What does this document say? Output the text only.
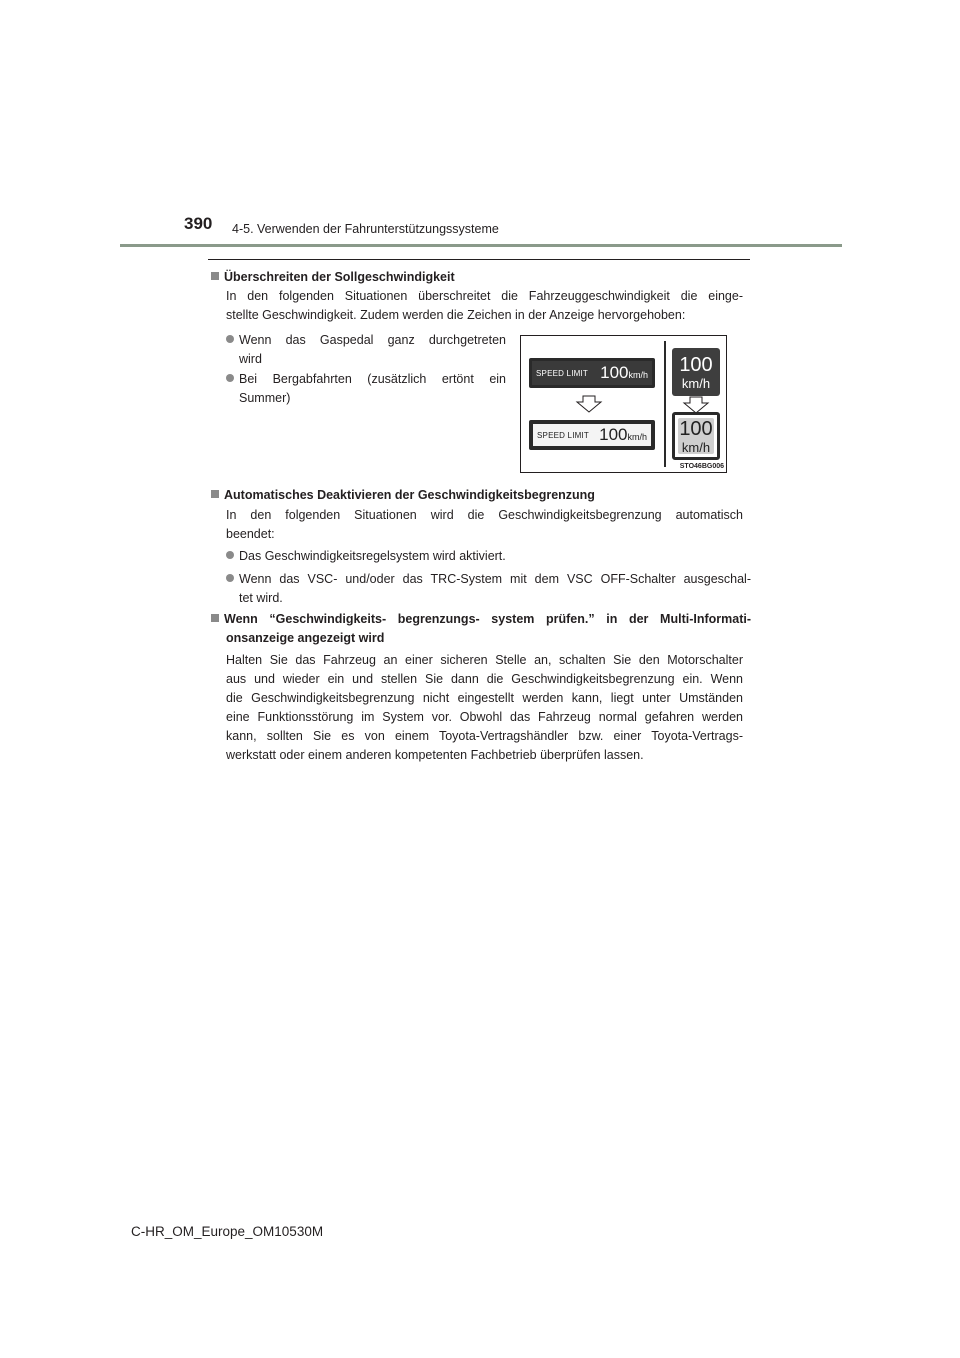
390 4-5. Verwenden der Fahrunterstützungssysteme
Überschreiten der Sollgeschwindigkeit
In den folgenden Situationen überschreitet die Fahrzeuggeschwindigkeit die einge-
stellte Geschwindigkeit. Zudem werden die Zeichen in der Anzeige hervorgehoben:
Wenn das Gaspedal ganz durchgetreten
wird
Bei Bergabfahrten (zusätzlich ertönt ein
Summer)
SPEED LIMIT 100km/h
SPEED LIMIT 100km/h
100
km/h
100
km/h
STO46BG006
Automatisches Deaktivieren der Geschwindigkeitsbegrenzung
In den folgenden Situationen wird die Geschwindigkeitsbegrenzung automatisch
beendet:
Das Geschwindigkeitsregelsystem wird aktiviert.
Wenn das VSC- und/oder das TRC-System mit dem VSC OFF-Schalter ausgeschal-
tet wird.
Wenn “Geschwindigkeits- begrenzungs- system prüfen.” in der Multi-Informati-
onsanzeige angezeigt wird
Halten Sie das Fahrzeug an einer sicheren Stelle an, schalten Sie den Motorschalter
aus und wieder ein und stellen Sie dann die Geschwindigkeitsbegrenzung ein. Wenn
die Geschwindigkeitsbegrenzung nicht eingestellt werden kann, liegt unter Umständen
eine Funktionsstörung im System vor. Obwohl das Fahrzeug normal gefahren werden
kann, sollten Sie es von einem Toyota-Vertragshändler bzw. einer Toyota-Vertrags-
werkstatt oder einem anderen kompetenten Fachbetrieb überprüfen lassen.
C-HR_OM_Europe_OM10530M
